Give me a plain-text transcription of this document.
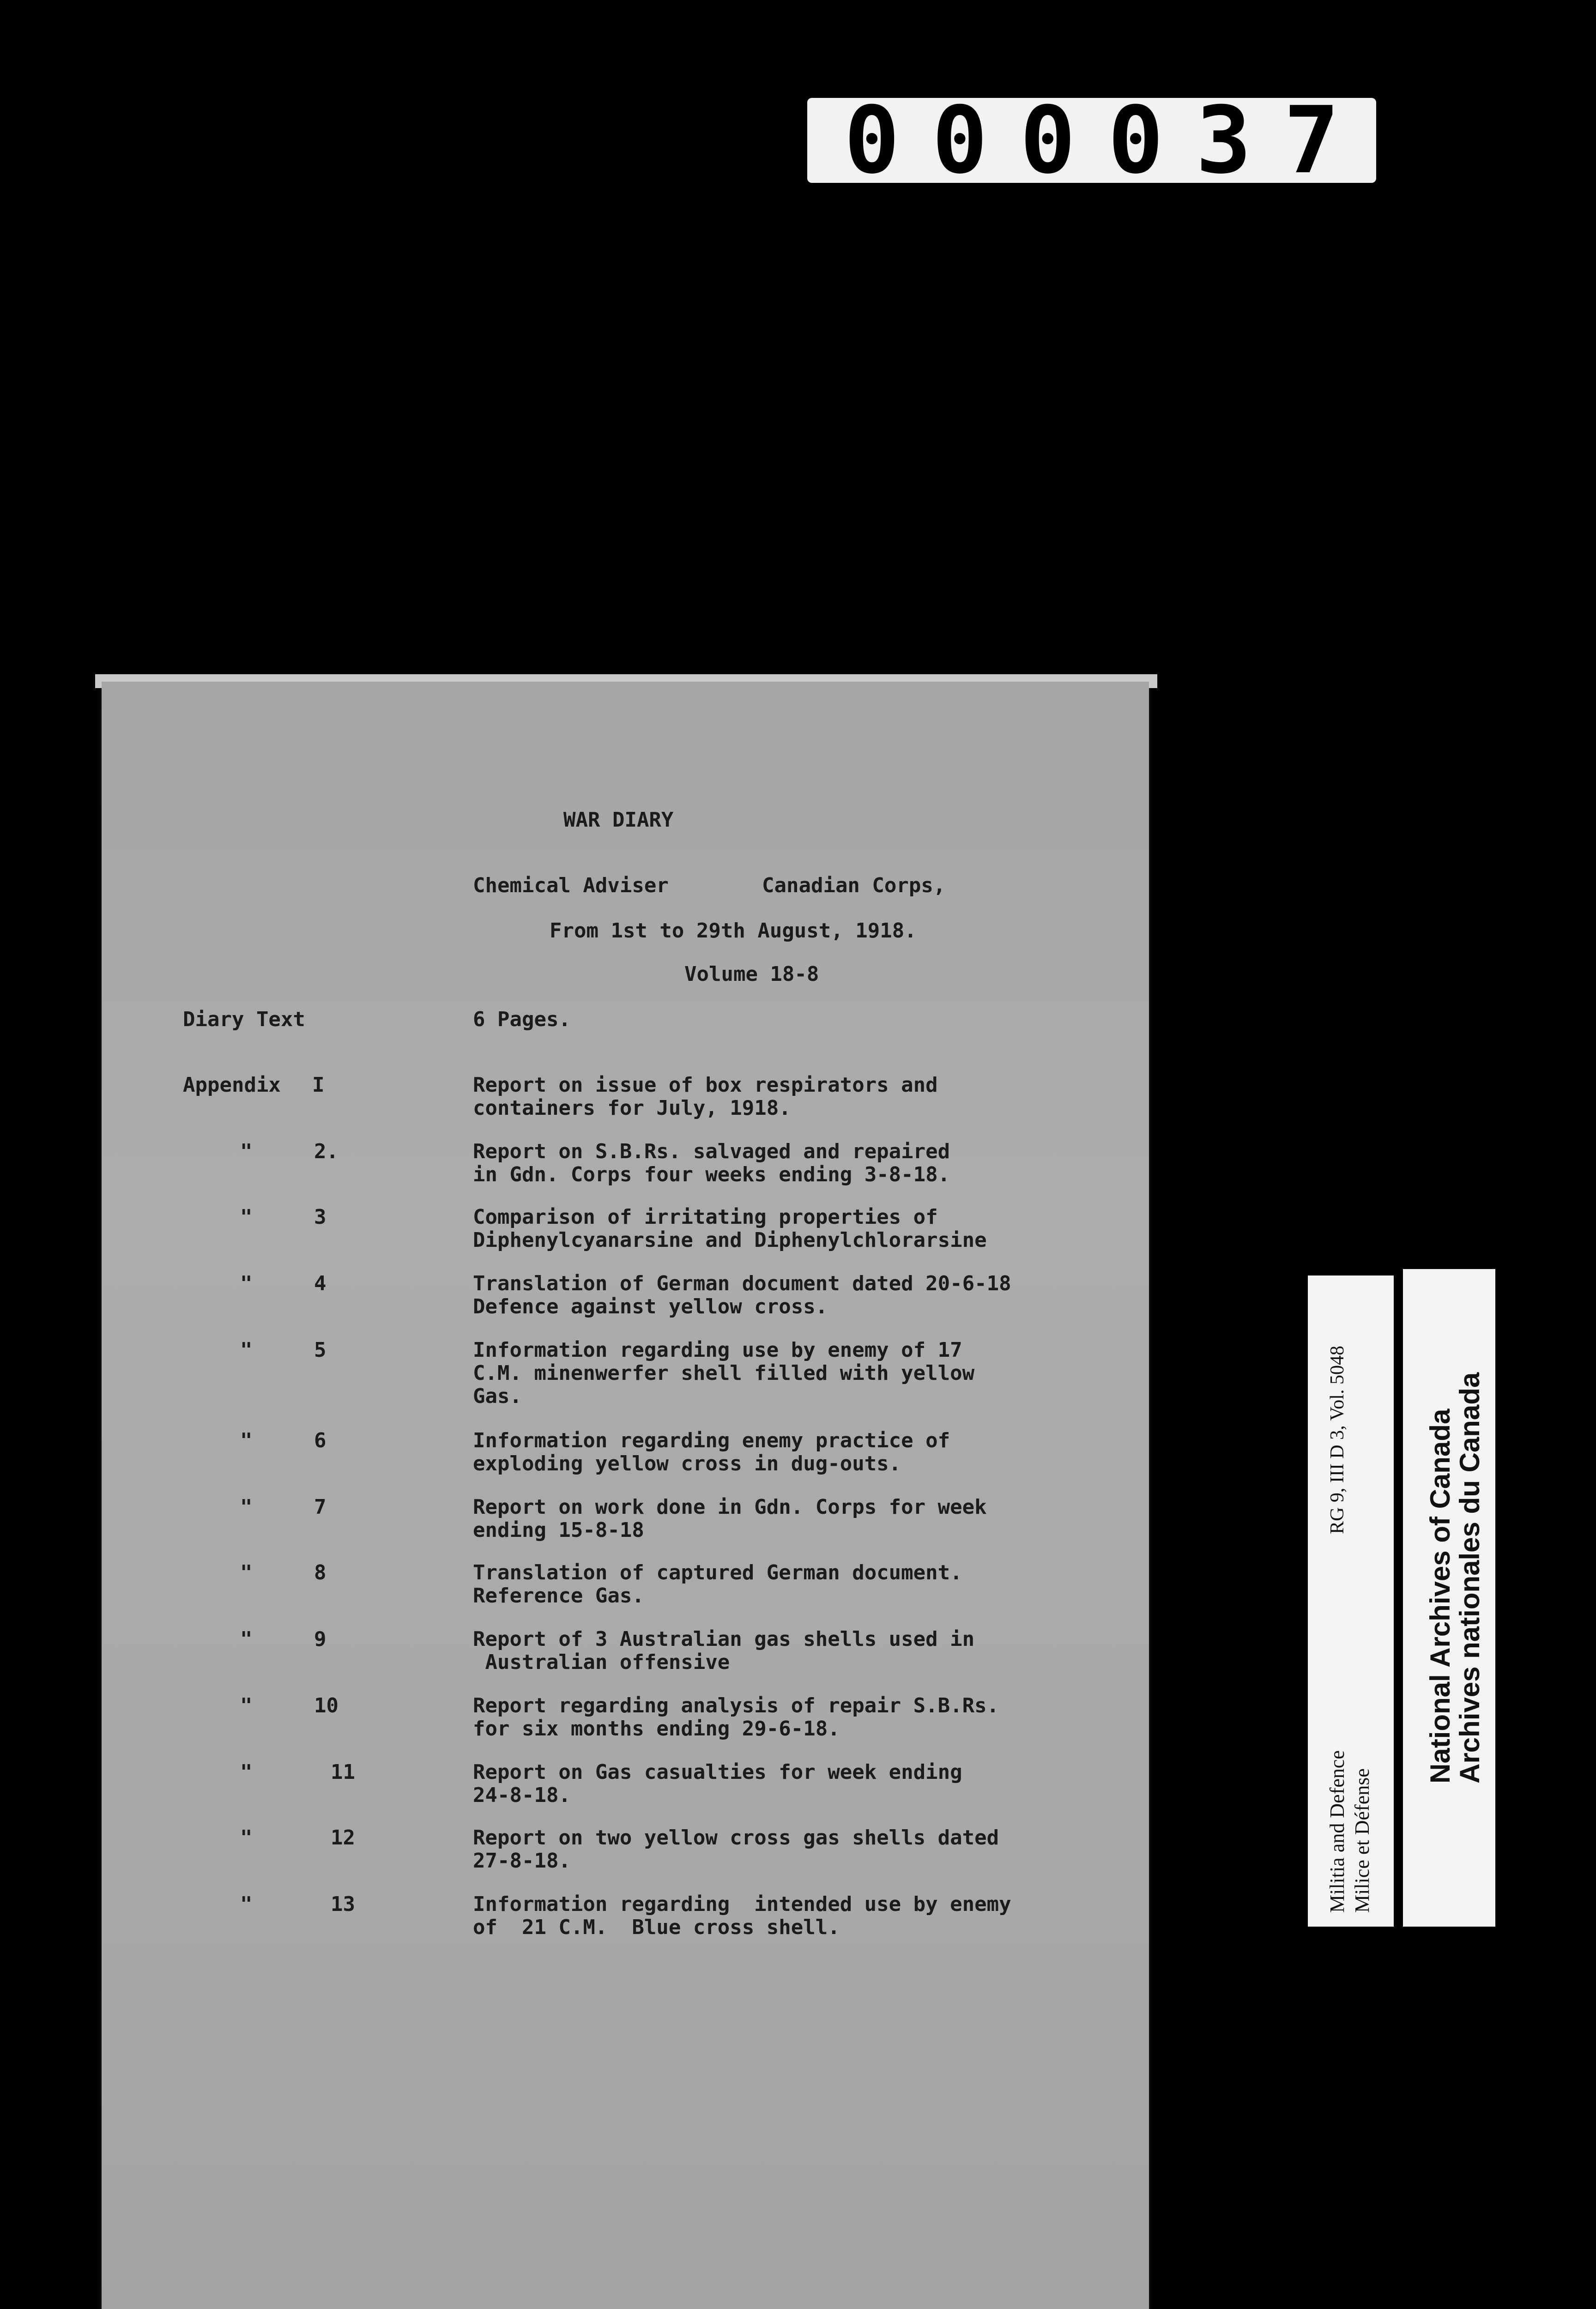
000037
WAR DIARY
Chemical Adviser	Canadian Corps,
From 1st to 29th August, 1918.
Volume 18-8
Diary Text	6 Pages.
Appendix I	Report on issue of box respirators and
containers for July, 1918.
"	2.	Report on S.B.Rs. salvaged and repaired
in Gdn. Corps four weeks ending 3-8-18.
"	3	Comparison of irritating properties of
Diphenylcyanarsine and Diphenylchlorarsine
"	4	Translation of German document dated 20-6-18
Defence against yellow cross.
"	5	Information regarding use by enemy of 17
C.M. minenwerfer shell filled with yellow
Gas.
"	6	Information regarding enemy practice of
exploding yellow cross in dug-outs.
"	7	Report on work done in Gdn. Corps for week
ending 15-8-18
"	8	Translation of captured German document.
Reference Gas.
"	9	Report of 3 Australian gas shells used in
Australian offensive
"	10	Report regarding analysis of repair S.B.Rs.
for six months ending 29-6-18.
"	11	Report on Gas casualties for week ending
24-8-18.
"	12	Report on two yellow cross gas shells dated
27-8-18.
"	13	Information regarding  intended use by enemy
of  21 C.M.  Blue cross shell.
Militia and Defence Milice et Défense
RG 9, III D 3, Vol. 5048	National Archives of Canada
Archives nationales du Canada
